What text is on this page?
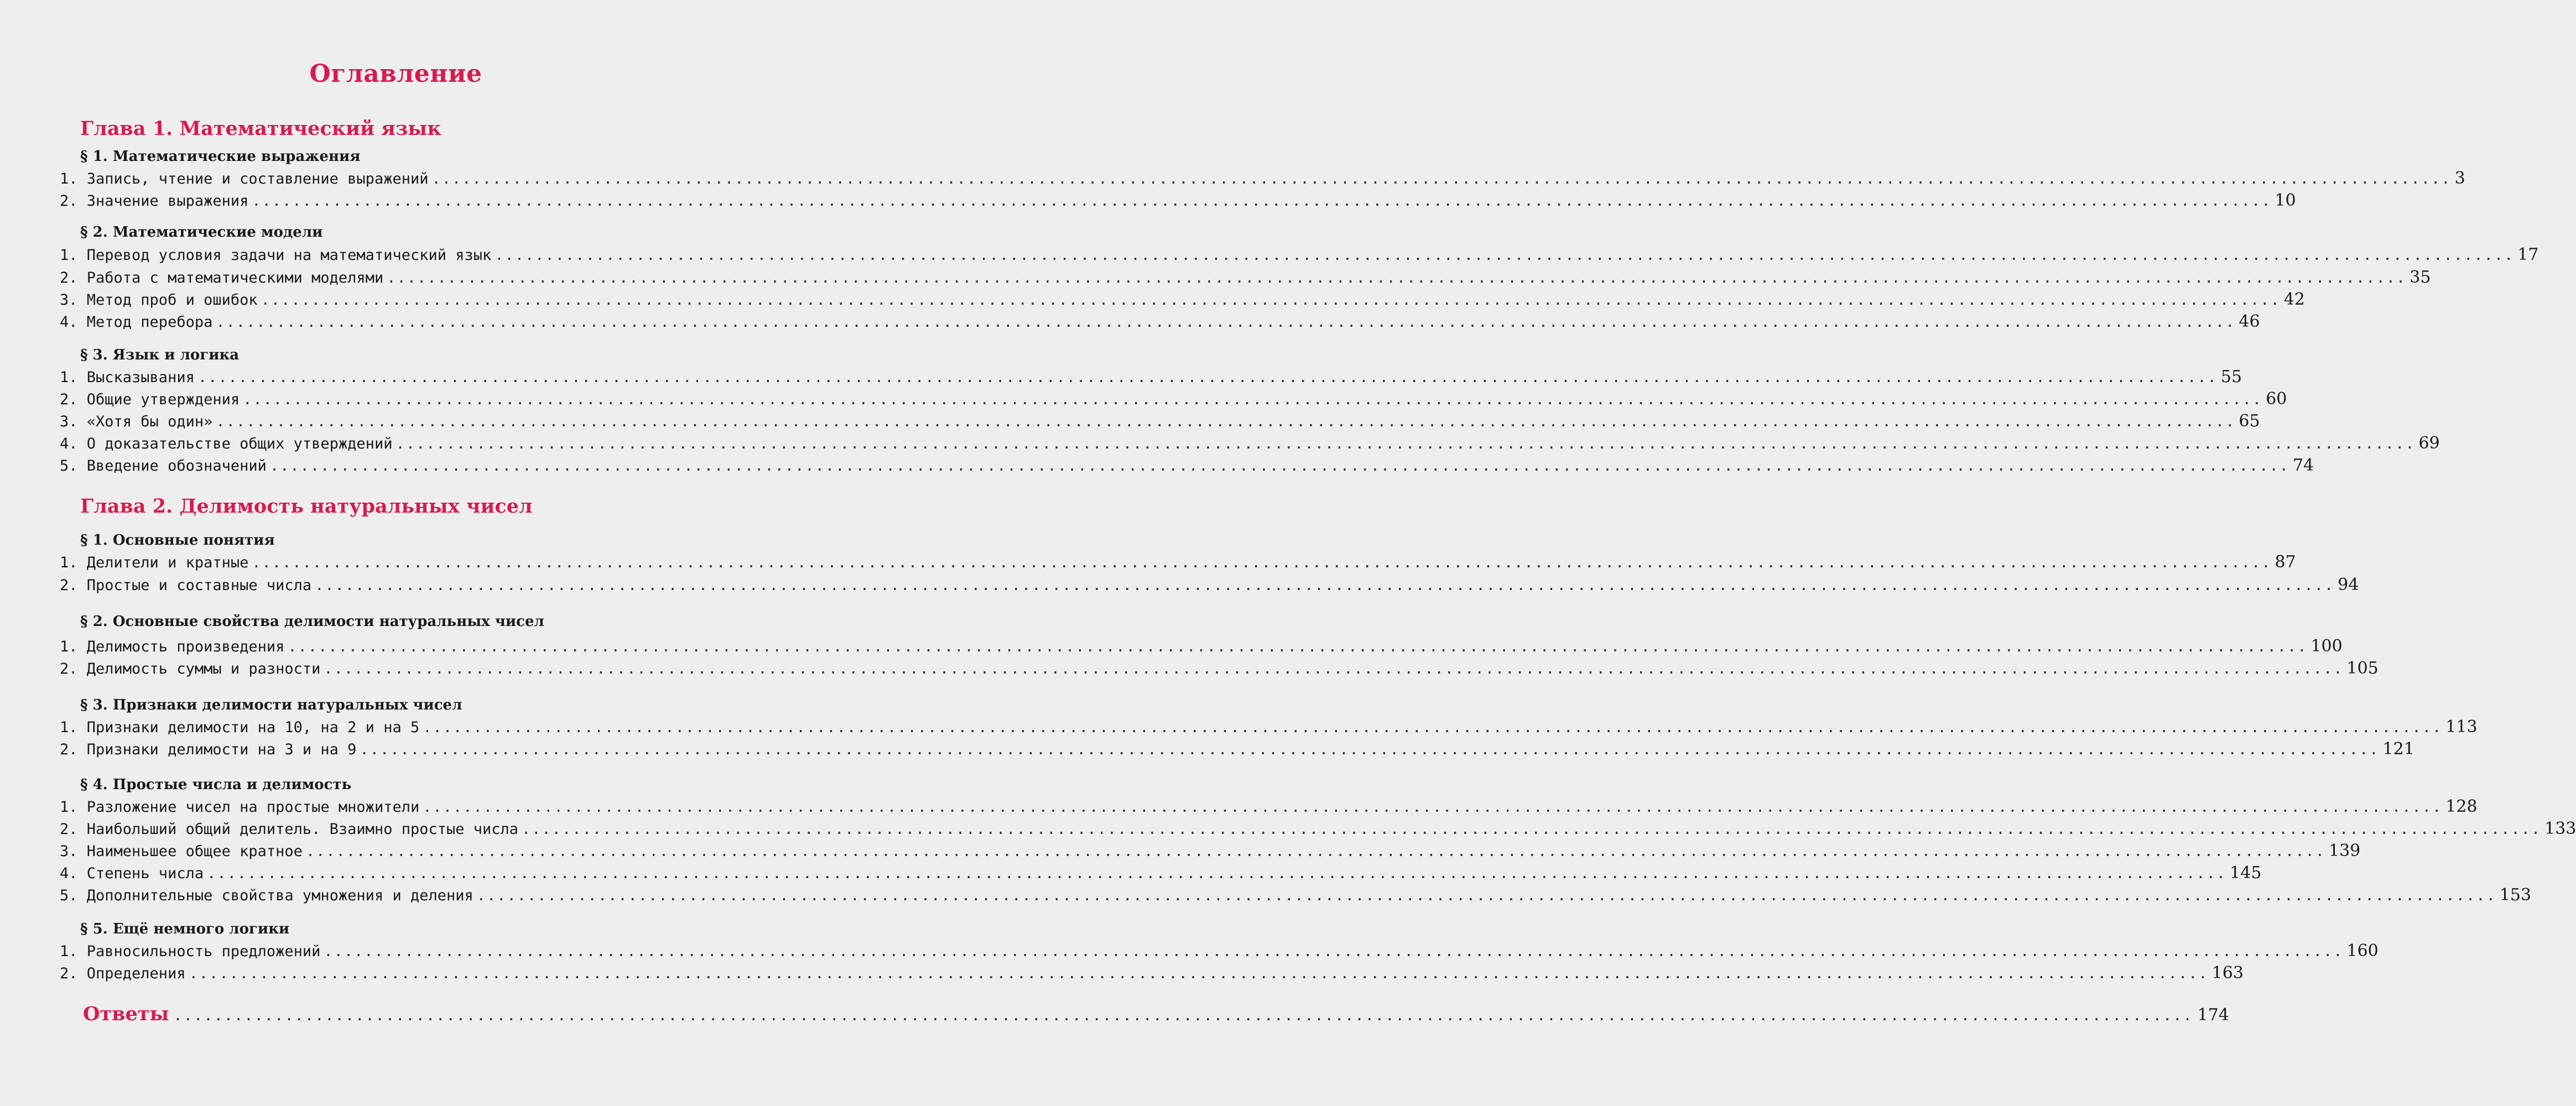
Оглавление
Глава 1. Математический язык
§ 1. Математические выражения
1. Запись, чтение и составление выражений ........................................................................................................................................................................................................ 3
2. Значение выражения ........................................................................................................................................................................................................ 10
§ 2. Математические модели
1. Перевод условия задачи на математический язык ........................................................................................................................................................................................................ 17
2. Работа с математическими моделями ........................................................................................................................................................................................................ 35
3. Метод проб и ошибок ........................................................................................................................................................................................................ 42
4. Метод перебора ........................................................................................................................................................................................................ 46
§ 3. Язык и логика
1. Высказывания ........................................................................................................................................................................................................ 55
2. Общие утверждения ........................................................................................................................................................................................................ 60
3. «Хотя бы один» ........................................................................................................................................................................................................ 65
4. О доказательстве общих утверждений ........................................................................................................................................................................................................ 69
5. Введение обозначений ........................................................................................................................................................................................................ 74
Глава 2. Делимость натуральных чисел
§ 1. Основные понятия
1. Делители и кратные ........................................................................................................................................................................................................ 87
2. Простые и составные числа ........................................................................................................................................................................................................ 94
§ 2. Основные свойства делимости натуральных чисел
1. Делимость произведения ........................................................................................................................................................................................................ 100
2. Делимость суммы и разности ........................................................................................................................................................................................................ 105
§ 3. Признаки делимости натуральных чисел
1. Признаки делимости на 10, на 2 и на 5 ........................................................................................................................................................................................................ 113
2. Признаки делимости на 3 и на 9 ........................................................................................................................................................................................................ 121
§ 4. Простые числа и делимость
1. Разложение чисел на простые множители ........................................................................................................................................................................................................ 128
2. Наибольший общий делитель. Взаимно простые числа ........................................................................................................................................................................................................ 133
3. Наименьшее общее кратное ........................................................................................................................................................................................................ 139
4. Степень числа ........................................................................................................................................................................................................ 145
5. Дополнительные свойства умножения и деления ........................................................................................................................................................................................................ 153
§ 5. Ещё немного логики
1. Равносильность предложений ........................................................................................................................................................................................................ 160
2. Определения ........................................................................................................................................................................................................ 163
Ответы ........................................................................................................................................................................................................ 174
